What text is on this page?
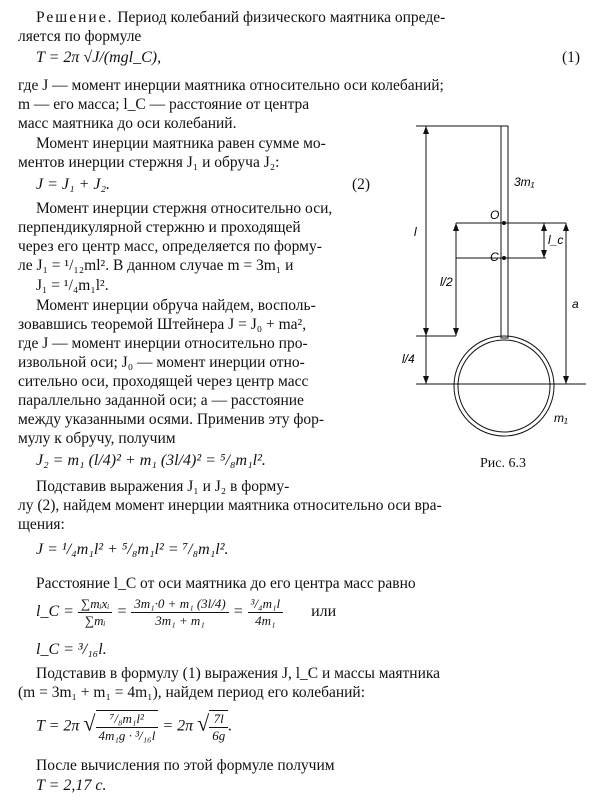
Решение. Период колебаний физического маятника опреде-
ляется по формуле
T = 2π √J/(mgl_C),	(1)
где J — момент инерции маятника относительно оси колебаний;
m — его масса; l_C — расстояние от центра
масс маятника до оси колебаний.
Момент инерции маятника равен сумме мо-
ментов инерции стержня J₁ и обруча J₂:
J = J₁ + J₂.	(2)
Момент инерции стержня относительно оси,
перпендикулярной стержню и проходящей
через его центр масс, определяется по форму-
ле J₁ = ¹/₁₂ml². В данном случае m = 3m₁ и
J₁ = ¹/₄m₁l².
Момент инерции обруча найдем, восполь-
зовавшись теоремой Штейнера J = J₀ + ma²,
где J — момент инерции относительно про-
извольной оси; J₀ — момент инерции отно-
сительно оси, проходящей через центр масс
параллельно заданной оси; a — расстояние
между указанными осями. Применив эту фор-
мулу к обручу, получим
J₂ = m₁ (l/4)² + m₁ (3l/4)² = ⁵/₈m₁l².
Подставив выражения J₁ и J₂ в форму-
лу (2), найдем момент инерции маятника относительно оси вра-
щения:
J = ¹/₄m₁l² + ⁵/₈m₁l² = ⁷/₈m₁l².
Расстояние l_C от оси маятника до его центра масс равно
l_C = $\frac{\text{∑mᵢxᵢ}}{\text{∑mᵢ}} = \frac{\text{3m₁·0 + m₁ (3l/4)}}{\text{3m₁ + m₁}} = \frac{\text{³/₄m₁l}}{\text{4m₁}}$ или
l_C = ³/₁₆l.
Подставив в формулу (1) выражения J, l_C и массы маятника
(m = 3m₁ + m₁ = 4m₁), найдем период его колебаний:
T = 2π √ $\frac{\text{⁷/₈m₁l²}}{\text{4m₁g · ³/₁₆l}} = 2\pi$ √ $\frac{7l}{6g}$ .
После вычисления по этой формуле получим
T = 2,17 с.
3m₁
O
C
l_c
l
l/2
a
l/4
m₁
Рис. 6.3
